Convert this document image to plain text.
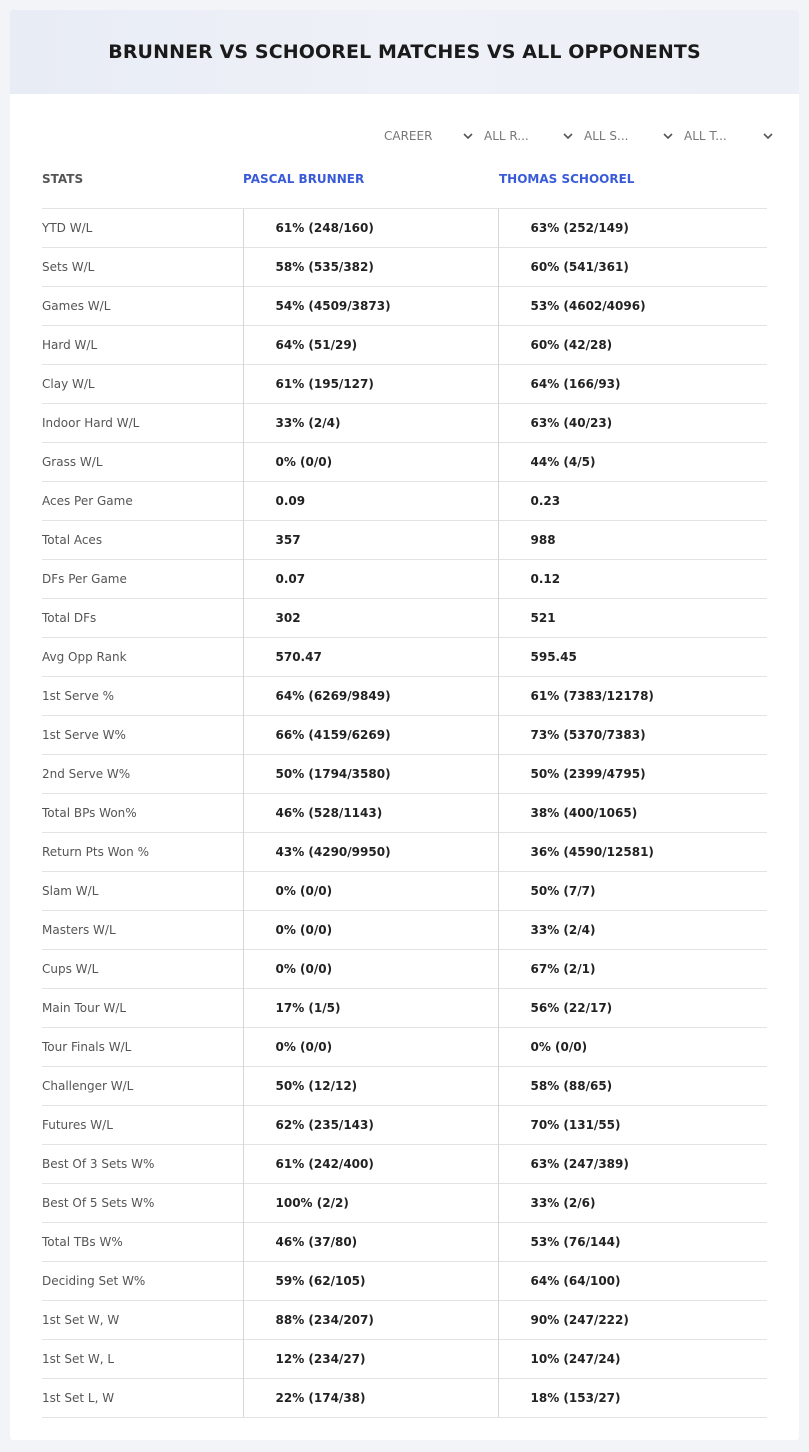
BRUNNER VS SCHOOREL MATCHES VS ALL OPPONENTS
CAREER	ALL R...	ALL S...	ALL T...
STATS	PASCAL BRUNNER	THOMAS SCHOOREL
YTD W/L	61% (248/160)	63% (252/149)
Sets W/L	58% (535/382)	60% (541/361)
Games W/L	54% (4509/3873)	53% (4602/4096)
Hard W/L	64% (51/29)	60% (42/28)
Clay W/L	61% (195/127)	64% (166/93)
Indoor Hard W/L	33% (2/4)	63% (40/23)
Grass W/L	0% (0/0)	44% (4/5)
Aces Per Game	0.09	0.23
Total Aces	357	988
DFs Per Game	0.07	0.12
Total DFs	302	521
Avg Opp Rank	570.47	595.45
1st Serve %	64% (6269/9849)	61% (7383/12178)
1st Serve W%	66% (4159/6269)	73% (5370/7383)
2nd Serve W%	50% (1794/3580)	50% (2399/4795)
Total BPs Won%	46% (528/1143)	38% (400/1065)
Return Pts Won %	43% (4290/9950)	36% (4590/12581)
Slam W/L	0% (0/0)	50% (7/7)
Masters W/L	0% (0/0)	33% (2/4)
Cups W/L	0% (0/0)	67% (2/1)
Main Tour W/L	17% (1/5)	56% (22/17)
Tour Finals W/L	0% (0/0)	0% (0/0)
Challenger W/L	50% (12/12)	58% (88/65)
Futures W/L	62% (235/143)	70% (131/55)
Best Of 3 Sets W%	61% (242/400)	63% (247/389)
Best Of 5 Sets W%	100% (2/2)	33% (2/6)
Total TBs W%	46% (37/80)	53% (76/144)
Deciding Set W%	59% (62/105)	64% (64/100)
1st Set W, W	88% (234/207)	90% (247/222)
1st Set W, L	12% (234/27)	10% (247/24)
1st Set L, W	22% (174/38)	18% (153/27)
